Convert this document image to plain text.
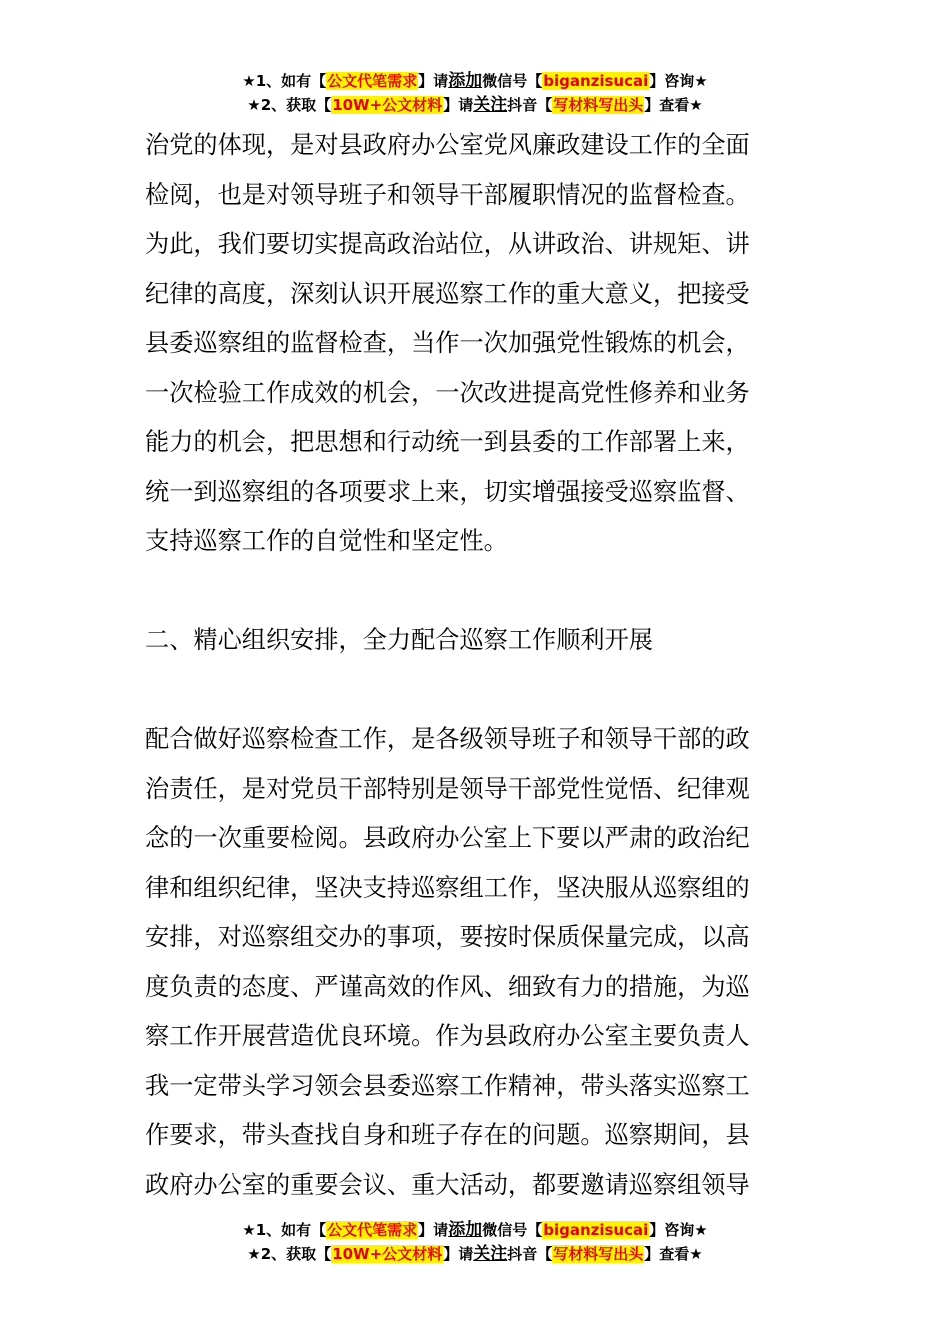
★1、如有【公文代笔需求】请添加微信号【biganzisucai】咨询★
★2、获取【10W+公文材料】请关注抖音【写材料写出头】查看★
治党的体现，是对县政府办公室党风廉政建设工作的全面
检阅，也是对领导班子和领导干部履职情况的监督检查。
为此，我们要切实提高政治站位，从讲政治、讲规矩、讲
纪律的高度，深刻认识开展巡察工作的重大意义，把接受
县委巡察组的监督检查，当作一次加强党性锻炼的机会，
一次检验工作成效的机会，一次改进提高党性修养和业务
能力的机会，把思想和行动统一到县委的工作部署上来，
统一到巡察组的各项要求上来，切实增强接受巡察监督、
支持巡察工作的自觉性和坚定性。
二、精心组织安排，全力配合巡察工作顺利开展
配合做好巡察检查工作，是各级领导班子和领导干部的政
治责任，是对党员干部特别是领导干部党性觉悟、纪律观
念的一次重要检阅。县政府办公室上下要以严肃的政治纪
律和组织纪律，坚决支持巡察组工作，坚决服从巡察组的
安排，对巡察组交办的事项，要按时保质保量完成，以高
度负责的态度、严谨高效的作风、细致有力的措施，为巡
察工作开展营造优良环境。作为县政府办公室主要负责人
我一定带头学习领会县委巡察工作精神，带头落实巡察工
作要求，带头查找自身和班子存在的问题。巡察期间，县
政府办公室的重要会议、重大活动，都要邀请巡察组领导
★1、如有【公文代笔需求】请添加微信号【biganzisucai】咨询★
★2、获取【10W+公文材料】请关注抖音【写材料写出头】查看★
